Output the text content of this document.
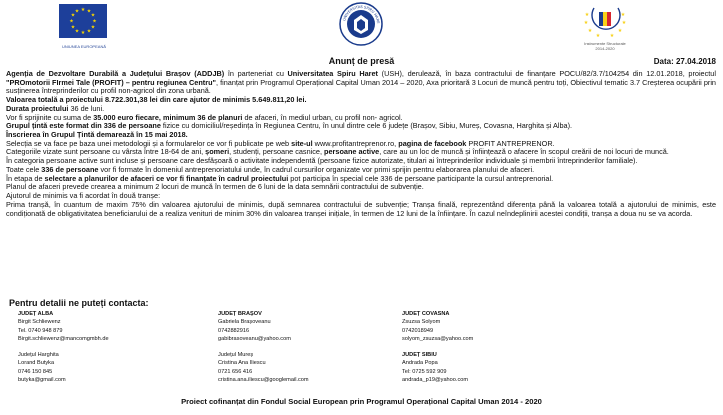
★ ★
★
★
★
★
★
★
★
★
★
★
UNIUNEA EUROPEANĂ
UNIVERSITAS SPIRU HARE
★
★
★
★ ★
★
★
★
Instrumente Structurale
2014-2020
Anunț de presă	Data: 27.04.2018

Agenția de Dezvoltare Durabilă a Județului Brașov (ADDJB) în parteneriat cu Universitatea Spiru Haret (USH), derulează, în baza contractului de finanțare POCU/82/3.7/104254 din 12.01.2018, proiectul "PROmotorii FIrmei Tale (PROFIT) – pentru regiunea Centru", finanțat prin Programul Operațional Capital Uman 2014 – 2020, Axa prioritară 3 Locuri de muncă pentru toți, Obiectivul tematic 3.7 Creșterea ocupării prin susținerea întreprinderilor cu profil non-agricol din zona urbană.

Valoarea totală a proiectului 8.722.301,38 lei din care ajutor de minimis 5.649.811,20 lei.

Durata proiectului 36 de luni.

Vor fi sprijinite cu suma de 35.000 euro fiecare, minimum 36 de planuri de afaceri, în mediul urban, cu profil non- agricol.

Grupul țintă este format din 336 de persoane fizice cu domiciliul/reședința în Regiunea Centru, în unul dintre cele 6 județe (Brașov, Sibiu, Mureș, Covasna, Harghita și Alba).

Înscrierea în Grupul Țintă demarează în 15 mai 2018.

Selecția se va face pe baza unei metodologii și a formularelor ce vor fi publicate pe web site-ul www.profitantreprenor.ro, pagina de facebook PROFIT ANTREPRENOR.

Categoriile vizate sunt persoane cu vârsta între 18-64 de ani, șomeri, studenți, persoane casnice, persoane active, care au un loc de muncă și înființează o afacere în scopul creării de noi locuri de muncă.

În categoria persoane active sunt incluse și persoane care desfășoară o activitate independentă (persoane fizice autorizate, titulari ai întreprinderilor individuale și membrii întreprinderilor familiale).

Toate cele 336 de persoane vor fi formate în domeniul antreprenoriatului unde, în cadrul cursurilor organizate vor primi sprijin pentru elaborarea planului de afaceri.

În etapa de selectare a planurilor de afaceri ce vor fi finanțate în cadrul proiectului pot participa în special cele 336 de persoane participante la cursul antreprenorial.

Planul de afaceri prevede crearea a minimum 2 locuri de muncă în termen de 6 luni de la data semnării contractului de subvenție.

Ajutorul de minimis va fi acordat în două tranșe:

Prima tranșă, în cuantum de maxim 75% din valoarea ajutorului de minimis, după semnarea contractului de subvenție; Tranșa finală, reprezentând diferența până la valoarea totală a ajutorului de minimis, este condiționată de obligativitatea beneficiarului de a realiza venituri de minim 30% din valoarea tranșei inițiale, în termen de 12 luni de la înființare. În cazul neîndeplinirii acestei condiții, tranșa a doua nu se va acorda.

Pentru detalii ne puteți contacta:
JUDEȚ ALBA
Birgit Schliewenz
Tel. 0740 948 879
Birgit.schliewenz@mancomgmbh.de
JUDEȚ BRAȘOV
Gabriela Brașoveanu
0742882916
gabibrasoveanu@yahoo.com
JUDEȚ COVASNA
Zsuzsa Solyom
0742018949
solyom_zsuzsa@yahoo.com
Județul Harghita
Lorand Butyka
0746 150 845
butyka@gmail.com
Județul Mureș
Cristina Ana Iliescu
0721 656 416
cristina.ana.iliescu@googlemail.com
JUDEȚ SIBIU
Andrada Popa
Tel: 0725 592 909
andrada_p19@yahoo.com
Proiect cofinanțat din Fondul Social European prin Programul Operațional Capital Uman 2014 - 2020
